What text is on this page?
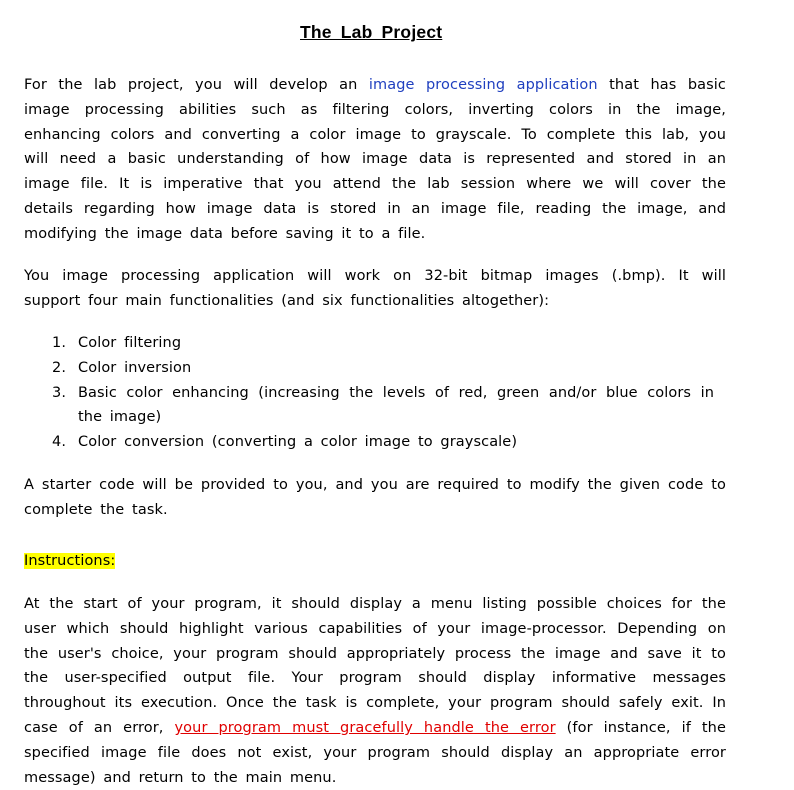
The Lab Project

For the lab project, you will develop an image processing application that has basic image processing abilities such as filtering colors, inverting colors in the image, enhancing colors and converting a color image to grayscale. To complete this lab, you will need a basic understanding of how image data is represented and stored in an image file. It is imperative that you attend the lab session where we will cover the details regarding how image data is stored in an image file, reading the image, and modifying the image data before saving it to a file.

You image processing application will work on 32-bit bitmap images (.bmp). It will support four main functionalities (and six functionalities altogether):

1. Color filtering
2. Color inversion
3. Basic color enhancing (increasing the levels of red, green and/or blue colors in the image)
4. Color conversion (converting a color image to grayscale)

A starter code will be provided to you, and you are required to modify the given code to complete the task.

Instructions:

At the start of your program, it should display a menu listing possible choices for the user which should highlight various capabilities of your image-processor. Depending on the user's choice, your program should appropriately process the image and save it to the user-specified output file. Your program should display informative messages throughout its execution. Once the task is complete, your program should safely exit. In case of an error, your program must gracefully handle the error (for instance, if the specified image file does not exist, your program should display an appropriate error message) and return to the main menu.
